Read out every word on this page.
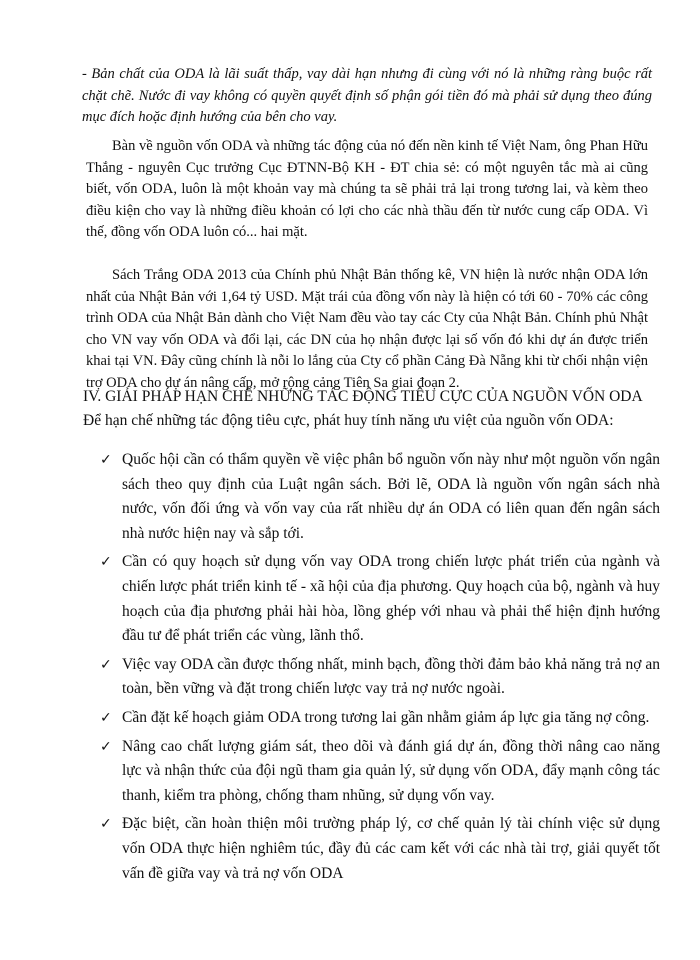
- Bản chất của ODA là lãi suất thấp, vay dài hạn nhưng đi cùng với nó là những ràng buộc rất chặt chẽ. Nước đi vay không có quyền quyết định số phận gói tiền đó mà phải sử dụng theo đúng mục đích hoặc định hướng của bên cho vay.

Bàn về nguồn vốn ODA và những tác động của nó đến nền kinh tế Việt Nam, ông Phan Hữu Thắng - nguyên Cục trưởng Cục ĐTNN-Bộ KH - ĐT chia sẻ: có một nguyên tắc mà ai cũng biết, vốn ODA, luôn là một khoản vay mà chúng ta sẽ phải trả lại trong tương lai, và kèm theo điều kiện cho vay là những điều khoản có lợi cho các nhà thầu đến từ nước cung cấp ODA. Vì thế, đồng vốn ODA luôn có... hai mặt.

Sách Trắng ODA 2013 của Chính phủ Nhật Bản thống kê, VN hiện là nước nhận ODA lớn nhất của Nhật Bản với 1,64 tỷ USD. Mặt trái của đồng vốn này là hiện có tới 60 - 70% các công trình ODA của Nhật Bản dành cho Việt Nam đều vào tay các Cty của Nhật Bản. Chính phủ Nhật cho VN vay vốn ODA và đổi lại, các DN của họ nhận được lại số vốn đó khi dự án được triển khai tại VN. Đây cũng chính là nỗi lo lắng của Cty cổ phần Cảng Đà Nẵng khi từ chối nhận viện trợ ODA cho dự án nâng cấp, mở rộng cảng Tiên Sa giai đoạn 2.

IV. GIẢI PHÁP HẠN CHẾ NHỮNG TÁC ĐỘNG TIÊU CỰC CỦA NGUỒN VỐN ODA

Để hạn chế những tác động tiêu cực, phát huy tính năng ưu việt của nguồn vốn ODA:

✓ Quốc hội cần có thẩm quyền về việc phân bổ nguồn vốn này như một nguồn vốn ngân sách theo quy định của Luật ngân sách. Bởi lẽ, ODA là nguồn vốn ngân sách nhà nước, vốn đối ứng và vốn vay của rất nhiều dự án ODA có liên quan đến ngân sách nhà nước hiện nay và sắp tới.
✓ Cần có quy hoạch sử dụng vốn vay ODA trong chiến lược phát triển của ngành và chiến lược phát triển kinh tế - xã hội của địa phương. Quy hoạch của bộ, ngành và huy hoạch của địa phương phải hài hòa, lồng ghép với nhau và phải thể hiện định hướng đầu tư để phát triển các vùng, lãnh thổ.
✓ Việc vay ODA cần được thống nhất, minh bạch, đồng thời đảm bảo khả năng trả nợ an toàn, bền vững và đặt trong chiến lược vay trả nợ nước ngoài.
✓ Cần đặt kế hoạch giảm ODA trong tương lai gần nhằm giảm áp lực gia tăng nợ công.
✓ Nâng cao chất lượng giám sát, theo dõi và đánh giá dự án, đồng thời nâng cao năng lực và nhận thức của đội ngũ tham gia quản lý, sử dụng vốn ODA, đẩy mạnh công tác thanh, kiểm tra phòng, chống tham nhũng, sử dụng vốn vay.
✓ Đặc biệt, cần hoàn thiện môi trường pháp lý, cơ chế quản lý tài chính việc sử dụng vốn ODA thực hiện nghiêm túc, đầy đủ các cam kết với các nhà tài trợ, giải quyết tốt vấn đề giữa vay và trả nợ vốn ODA
